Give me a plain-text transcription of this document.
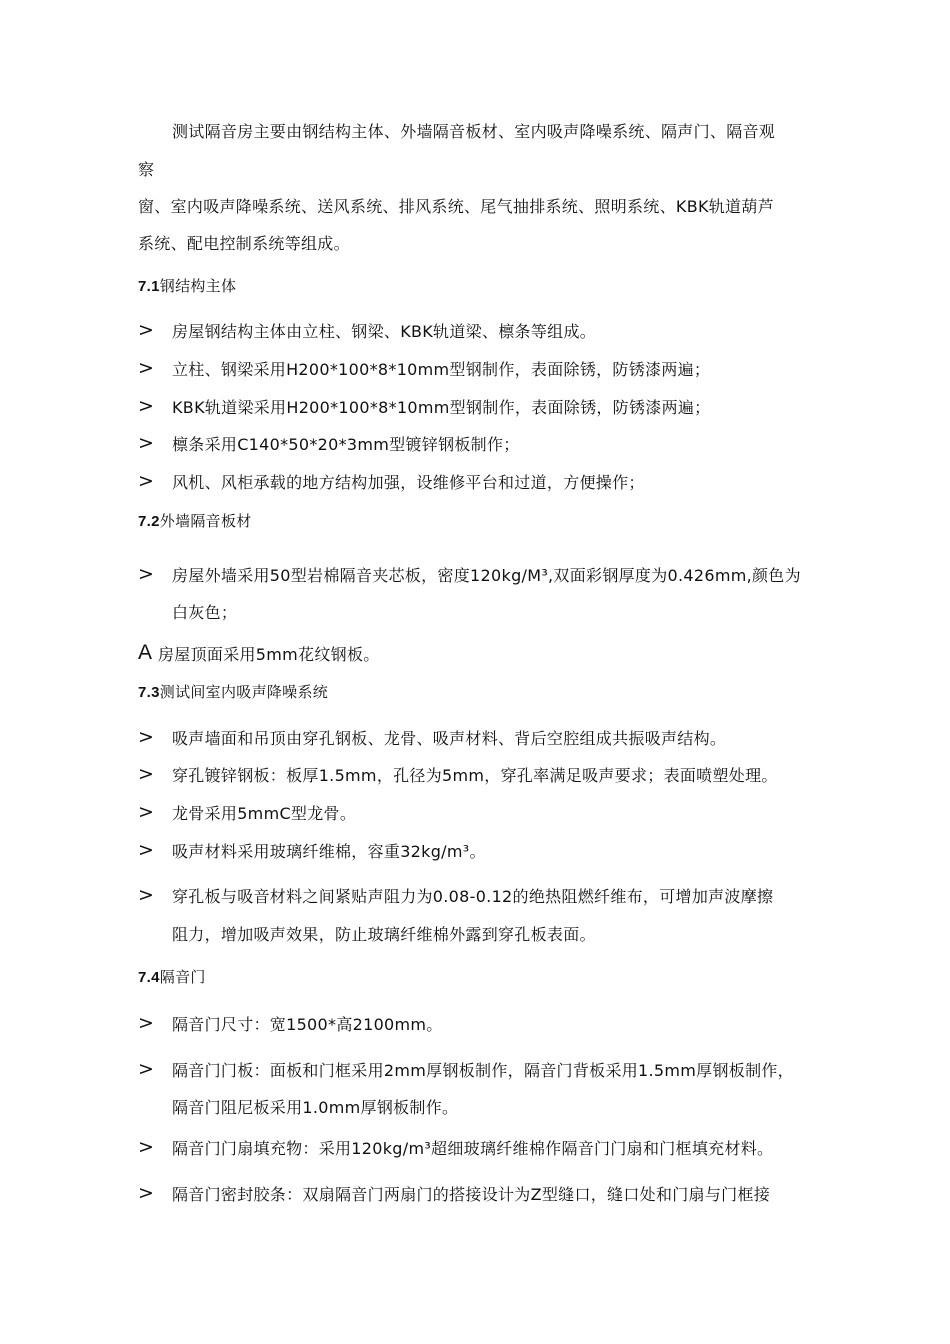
测试隔音房主要由钢结构主体、外墙隔音板材、室内吸声降噪系统、隔声门、隔音观
察
窗、室内吸声降噪系统、送风系统、排风系统、尾气抽排系统、照明系统、KBK轨道葫芦
系统、配电控制系统等组成。
7.1钢结构主体
> 房屋钢结构主体由立柱、钢梁、KBK轨道梁、檩条等组成。
> 立柱、钢梁采用H200*100*8*10mm型钢制作，表面除锈，防锈漆两遍；
> KBK轨道梁采用H200*100*8*10mm型钢制作，表面除锈，防锈漆两遍；
> 檩条采用C140*50*20*3mm型镀锌钢板制作；
> 风机、风柜承载的地方结构加强，设维修平台和过道，方便操作；
7.2外墙隔音板材
> 房屋外墙采用50型岩棉隔音夹芯板，密度120kg/M³,双面彩钢厚度为0.426mm,颜色为
白灰色；
A 房屋顶面采用5mm花纹钢板。
7.3测试间室内吸声降噪系统
> 吸声墙面和吊顶由穿孔钢板、龙骨、吸声材料、背后空腔组成共振吸声结构。
> 穿孔镀锌钢板：板厚1.5mm，孔径为5mm，穿孔率满足吸声要求；表面喷塑处理。
> 龙骨采用5mmC型龙骨。
> 吸声材料采用玻璃纤维棉，容重32kg/m³。
> 穿孔板与吸音材料之间紧贴声阻力为0.08-0.12的绝热阻燃纤维布，可增加声波摩擦
阻力，增加吸声效果，防止玻璃纤维棉外露到穿孔板表面。
7.4隔音门
> 隔音门尺寸：宽1500*高2100mm。
> 隔音门门板：面板和门框采用2mm厚钢板制作，隔音门背板采用1.5mm厚钢板制作，
隔音门阻尼板采用1.0mm厚钢板制作。
> 隔音门门扇填充物：采用120kg/m³超细玻璃纤维棉作隔音门门扇和门框填充材料。
> 隔音门密封胶条：双扇隔音门两扇门的搭接设计为Z型缝口，缝口处和门扇与门框接
